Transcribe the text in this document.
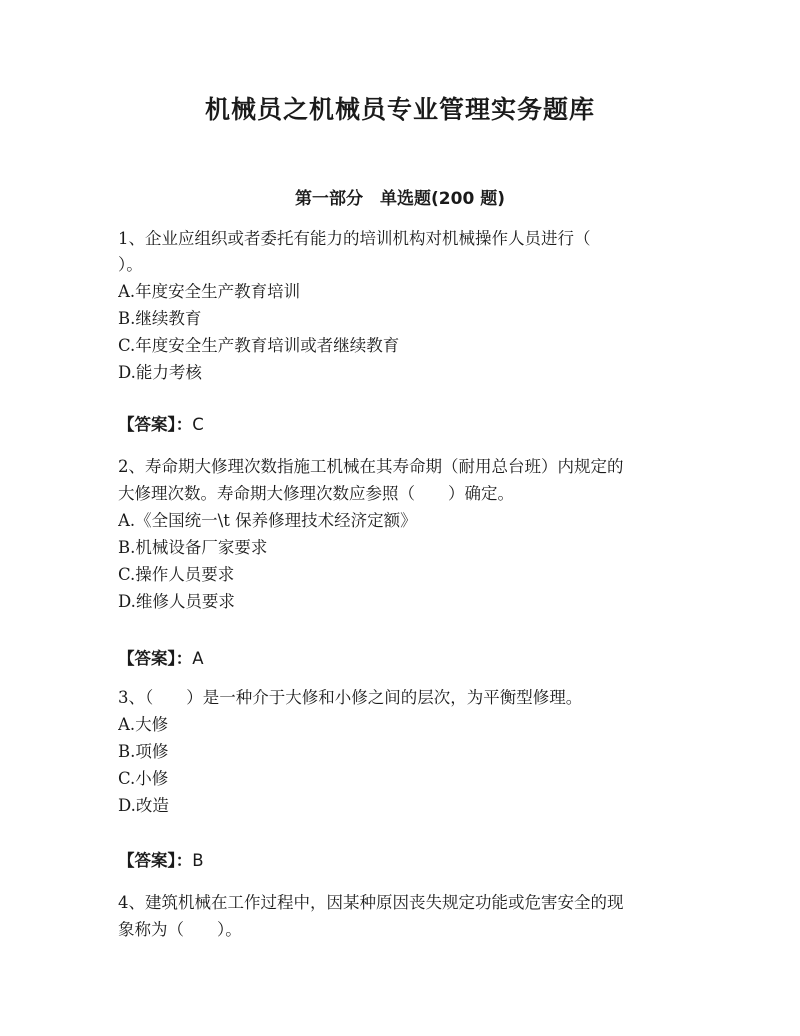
机械员之机械员专业管理实务题库
第一部分　单选题(200 题)
1、企业应组织或者委托有能力的培训机构对机械操作人员进行（
）。
A.年度安全生产教育培训
B.继续教育
C.年度安全生产教育培训或者继续教育
D.能力考核
【答案】：C
2、寿命期大修理次数指施工机械在其寿命期（耐用总台班）内规定的
大修理次数。寿命期大修理次数应参照（　　）确定。
A.《全国统一\t 保养修理技术经济定额》
B.机械设备厂家要求
C.操作人员要求
D.维修人员要求
【答案】：A
3、（　　）是一种介于大修和小修之间的层次，为平衡型修理。
A.大修
B.项修
C.小修
D.改造
【答案】：B
4、建筑机械在工作过程中，因某种原因丧失规定功能或危害安全的现
象称为（　　）。
